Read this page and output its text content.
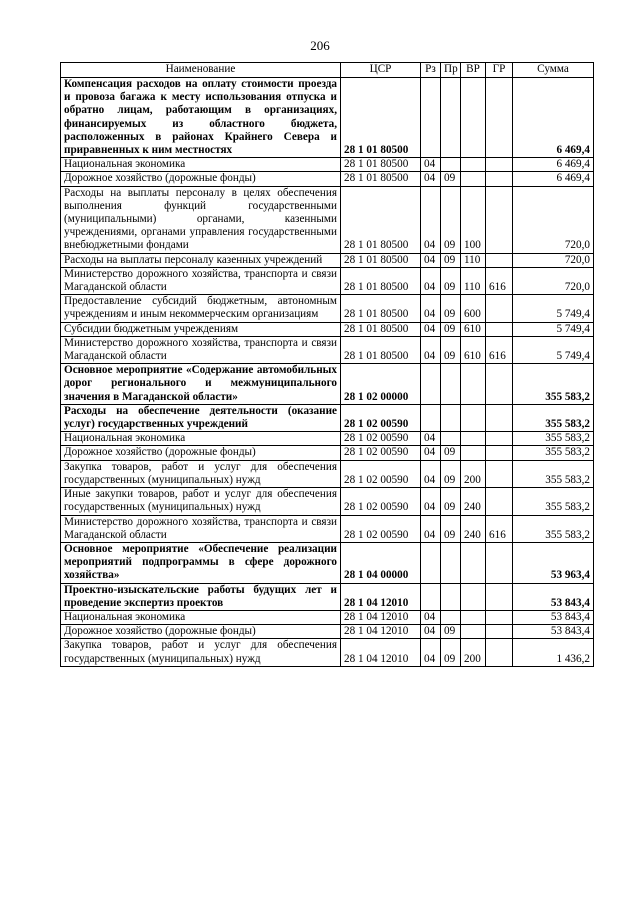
206
Наименование	ЦСР	Рз	Пр	ВР	ГР	Сумма
Компенсация расходов на оплату стоимости проезда и провоза багажа к месту использования отпуска и обратно лицам, работающим в организациях, финансируемых из областного бюджета, расположенных в районах Крайнего Севера и приравненных к ним местностях	28 1 01 80500					6 469,4
Национальная экономика	28 1 01 80500	04				6 469,4
Дорожное хозяйство (дорожные фонды)	28 1 01 80500	04	09			6 469,4
Расходы на выплаты персоналу в целях обеспечения выполнения функций государственными (муниципальными) органами, казенными учреждениями, органами управления государственными внебюджетными фондами	28 1 01 80500	04	09	100		720,0
Расходы на выплаты персоналу казенных учреждений	28 1 01 80500	04	09	110		720,0
Министерство дорожного хозяйства, транспорта и связи Магаданской области	28 1 01 80500	04	09	110	616	720,0
Предоставление субсидий бюджетным, автономным учреждениям и иным некоммерческим организациям	28 1 01 80500	04	09	600		5 749,4
Субсидии бюджетным учреждениям	28 1 01 80500	04	09	610		5 749,4
Министерство дорожного хозяйства, транспорта и связи Магаданской области	28 1 01 80500	04	09	610	616	5 749,4
Основное мероприятие «Содержание автомобильных дорог регионального и межмуниципального значения в Магаданской области»	28 1 02 00000					355 583,2
Расходы на обеспечение деятельности (оказание услуг) государственных учреждений	28 1 02 00590					355 583,2
Национальная экономика	28 1 02 00590	04				355 583,2
Дорожное хозяйство (дорожные фонды)	28 1 02 00590	04	09			355 583,2
Закупка товаров, работ и услуг для обеспечения государственных (муниципальных) нужд	28 1 02 00590	04	09	200		355 583,2
Иные закупки товаров, работ и услуг для обеспечения государственных (муниципальных) нужд	28 1 02 00590	04	09	240		355 583,2
Министерство дорожного хозяйства, транспорта и связи Магаданской области	28 1 02 00590	04	09	240	616	355 583,2
Основное мероприятие «Обеспечение реализации мероприятий подпрограммы в сфере дорожного хозяйства»	28 1 04 00000					53 963,4
Проектно-изыскательские работы будущих лет и проведение экспертиз проектов	28 1 04 12010					53 843,4
Национальная экономика	28 1 04 12010	04				53 843,4
Дорожное хозяйство (дорожные фонды)	28 1 04 12010	04	09			53 843,4
Закупка товаров, работ и услуг для обеспечения государственных (муниципальных) нужд	28 1 04 12010	04	09	200		1 436,2
